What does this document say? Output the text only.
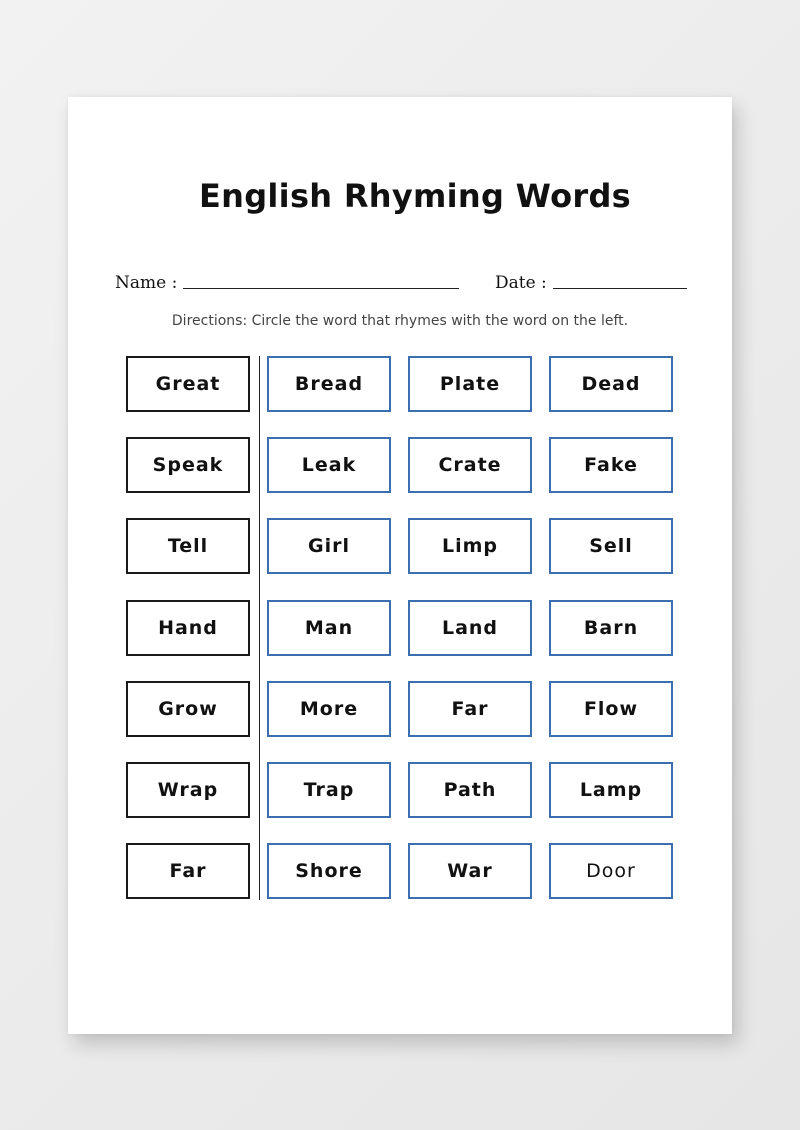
English Rhyming Words
Name :	Date :

Directions: Circle the word that rhymes with the word on the left.

Great	Bread	Plate	Dead
Speak	Leak	Crate	Fake
Tell	Girl	Limp	Sell
Hand	Man	Land	Barn
Grow	More	Far	Flow
Wrap	Trap	Path	Lamp
Far	Shore	War	Door
